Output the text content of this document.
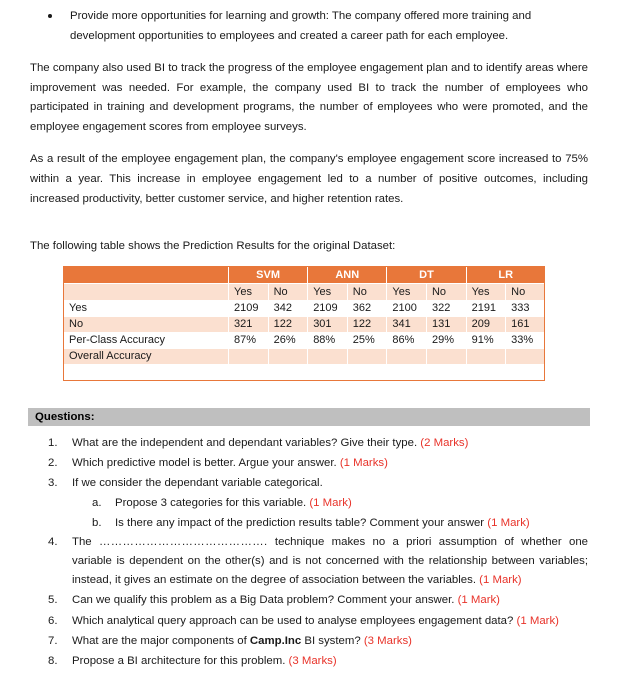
Provide more opportunities for learning and growth: The company offered more training and development opportunities to employees and created a career path for each employee.

The company also used BI to track the progress of the employee engagement plan and to identify areas where improvement was needed. For example, the company used BI to track the number of employees who participated in training and development programs, the number of employees who were promoted, and the employee engagement scores from employee surveys.

As a result of the employee engagement plan, the company's employee engagement score increased to 75% within a year. This increase in employee engagement led to a number of positive outcomes, including increased productivity, better customer service, and higher retention rates.

The following table shows the Prediction Results for the original Dataset:

	SVM		ANN		DT		LR	
	Yes	No	Yes	No	Yes	No	Yes	No
Yes	2109	342	2109	362	2100	322	2191	333
No	321	122	301	122	341	131	209	161
Per-Class Accuracy	87%	26%	88%	25%	86%	29%	91%	33%
Overall Accuracy								

Questions:
1.	What are the independent and dependant variables? Give their type. (2 Marks)
2.	Which predictive model is better. Argue your answer. (1 Marks)
3.	If we consider the dependant variable categorical.
a.	Propose 3 categories for this variable. (1 Mark)
b.	Is there any impact of the prediction results table? Comment your answer (1 Mark)
4.	The ……………………………………. technique makes no a priori assumption of whether one variable is dependent on the other(s) and is not concerned with the relationship between variables; instead, it gives an estimate on the degree of association between the variables. (1 Mark)
5.	Can we qualify this problem as a Big Data problem? Comment your answer. (1 Mark)
6.	Which analytical query approach can be used to analyse employees engagement data? (1 Mark)
7.	What are the major components of Camp.Inc BI system? (3 Marks)
8.	Propose a BI architecture for this problem. (3 Marks)
